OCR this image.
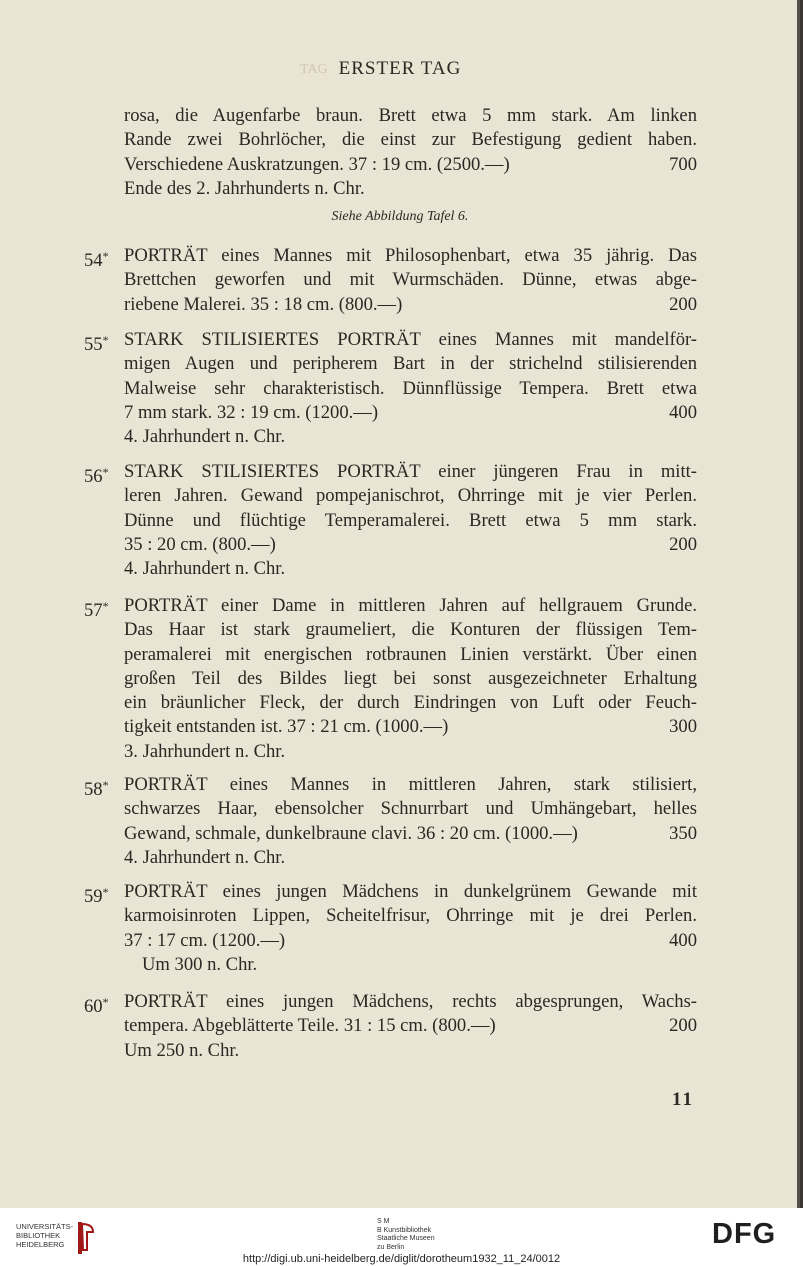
TAG ERSTER TAG
rosa, die Augenfarbe braun. Brett etwa 5 mm stark. Am linken
Rande zwei Bohrlöcher, die einst zur Befestigung gedient haben.
Verschiedene Auskratzungen. 37 : 19 cm. (2500.—)	700
Ende des 2. Jahrhunderts n. Chr.
Siehe Abbildung Tafel 6.
54* PORTRÄT eines Mannes mit Philosophenbart, etwa 35 jährig. Das
Brettchen geworfen und mit Wurmschäden. Dünne, etwas abge-
riebene Malerei. 35 : 18 cm. (800.—)	200
55* STARK STILISIERTES PORTRÄT eines Mannes mit mandelför-
migen Augen und peripherem Bart in der strichelnd stilisierenden
Malweise sehr charakteristisch. Dünnflüssige Tempera. Brett etwa
7 mm stark. 32 : 19 cm. (1200.—)	400
4. Jahrhundert n. Chr.
56* STARK STILISIERTES PORTRÄT einer jüngeren Frau in mitt-
leren Jahren. Gewand pompejanischrot, Ohrringe mit je vier Perlen.
Dünne und flüchtige Temperamalerei. Brett etwa 5 mm stark.
35 : 20 cm. (800.—)	200
4. Jahrhundert n. Chr.
57* PORTRÄT einer Dame in mittleren Jahren auf hellgrauem Grunde.
Das Haar ist stark graumeliert, die Konturen der flüssigen Tem-
peramalerei mit energischen rotbraunen Linien verstärkt. Über einen
großen Teil des Bildes liegt bei sonst ausgezeichneter Erhaltung
ein bräunlicher Fleck, der durch Eindringen von Luft oder Feuch-
tigkeit entstanden ist. 37 : 21 cm. (1000.—)	300
3. Jahrhundert n. Chr.
58* PORTRÄT eines Mannes in mittleren Jahren, stark stilisiert,
schwarzes Haar, ebensolcher Schnurrbart und Umhängebart, helles
Gewand, schmale, dunkelbraune clavi. 36 : 20 cm. (1000.—)	350
4. Jahrhundert n. Chr.
59* PORTRÄT eines jungen Mädchens in dunkelgrünem Gewande mit
karmoisinroten Lippen, Scheitelfrisur, Ohrringe mit je drei Perlen.
37 : 17 cm. (1200.—)	400
Um 300 n. Chr.
60* PORTRÄT eines jungen Mädchens, rechts abgesprungen, Wachs-
tempera. Abgeblätterte Teile. 31 : 15 cm. (800.—)	200
Um 250 n. Chr.
11
UNIVERSITÄTS-
BIBLIOTHEK
HEIDELBERG
S M
B Kunstbibliothek
Staatliche Museen
zu Berlin	DFG
http://digi.ub.uni-heidelberg.de/diglit/dorotheum1932_11_24/0012
